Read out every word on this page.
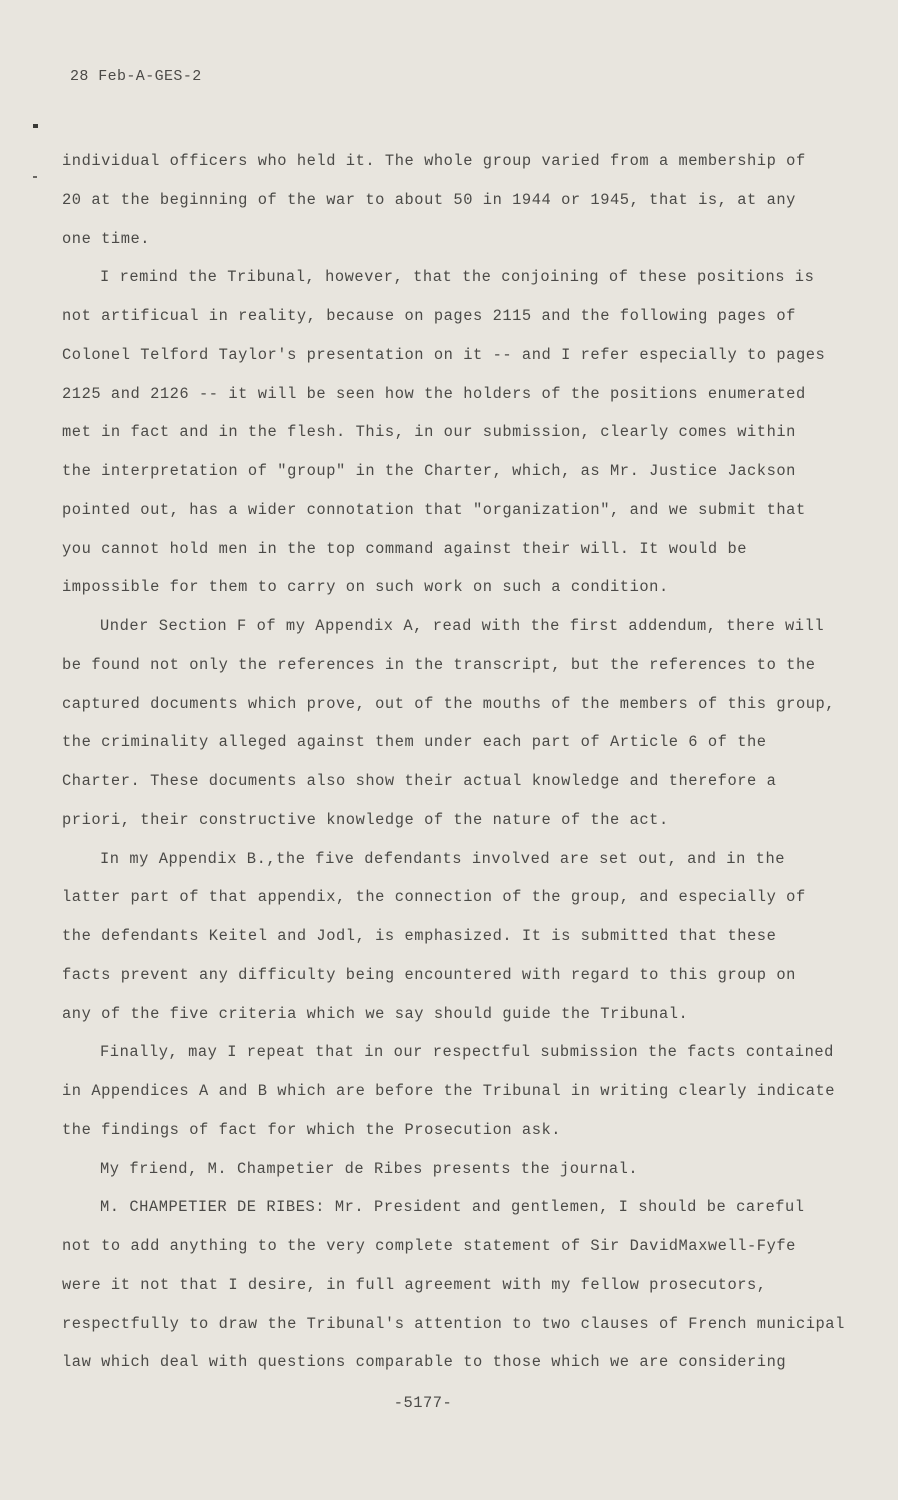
28 Feb-A-GES-2
individual officers who held it. The whole group varied from a membership of
20 at the beginning of the war to about 50 in 1944 or 1945, that is, at any
one time.
I remind the Tribunal, however, that the conjoining of these positions is
not artificual in reality, because on pages 2115 and the following pages of
Colonel Telford Taylor's presentation on it -- and I refer especially to pages
2125 and 2126 -- it will be seen how the holders of the positions enumerated
met in fact and in the flesh. This, in our submission, clearly comes within
the interpretation of "group" in the Charter, which, as Mr. Justice Jackson
pointed out, has a wider connotation that "organization", and we submit that
you cannot hold men in the top command against their will. It would be
impossible for them to carry on such work on such a condition.
Under Section F of my Appendix A, read with the first addendum, there will
be found not only the references in the transcript, but the references to the
captured documents which prove, out of the mouths of the members of this group,
the criminality alleged against them under each part of Article 6 of the
Charter. These documents also show their actual knowledge and therefore a
priori, their constructive knowledge of the nature of the act.
In my Appendix B.,the five defendants involved are set out, and in the
latter part of that appendix, the connection of the group, and especially of
the defendants Keitel and Jodl, is emphasized. It is submitted that these
facts prevent any difficulty being encountered with regard to this group on
any of the five criteria which we say should guide the Tribunal.
Finally, may I repeat that in our respectful submission the facts contained
in Appendices A and B which are before the Tribunal in writing clearly indicate
the findings of fact for which the Prosecution ask.
My friend, M. Champetier de Ribes presents the journal.
M. CHAMPETIER DE RIBES: Mr. President and gentlemen, I should be careful
not to add anything to the very complete statement of Sir DavidMaxwell-Fyfe
were it not that I desire, in full agreement with my fellow prosecutors,
respectfully to draw the Tribunal's attention to two clauses of French municipal
law which deal with questions comparable to those which we are considering
-5177-
